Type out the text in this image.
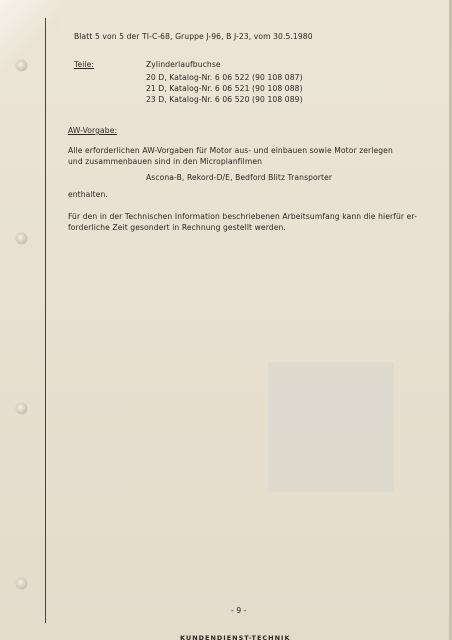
Blatt 5 von 5 der TI-C-68, Gruppe J-96, B J-23, vom 30.5.1980
Teile:	Zylinderlaufbuchse
20 D, Katalog-Nr. 6 06 522 (90 108 087)
21 D, Katalog-Nr. 6 06 521 (90 108 088)
23 D, Katalog-Nr. 6 06 520 (90 108 089)
AW-Vorgabe:
Alle erforderlichen AW-Vorgaben für Motor aus- und einbauen sowie Motor zerlegen
und zusammenbauen sind in den Microplanfilmen
Ascona-B, Rekord-D/E, Bedford Blitz Transporter
enthalten.
Für den in der Technischen Information beschriebenen Arbeitsumfang kann die hierfür er-
forderliche Zeit gesondert in Rechnung gestellt werden.
- 9 -
KUNDENDIENST-TECHNIK
